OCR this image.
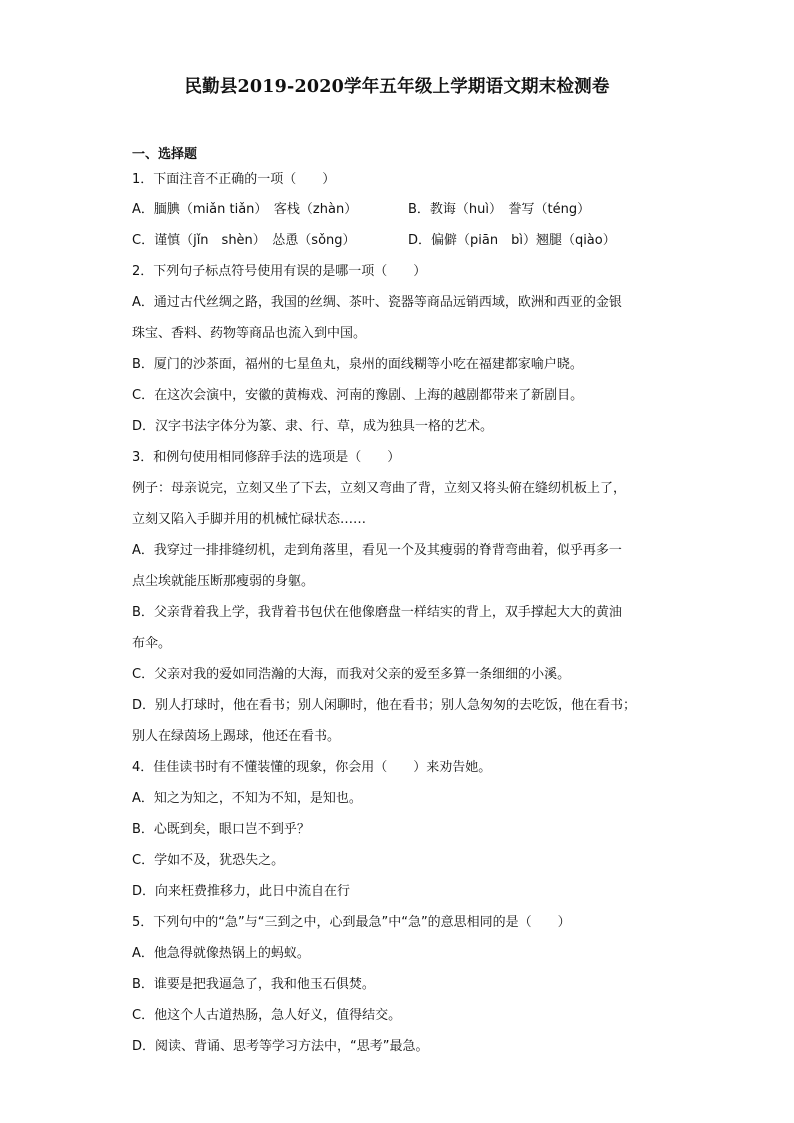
民勤县2019-2020学年五年级上学期语文期末检测卷
一、选择题
1．下面注音不正确的一项（　　）
A．腼腆（miǎn tiǎn）　客栈（zhàn）	B．教诲（huì）　誊写（téng）
C．谨慎（jǐn　shèn）　怂恿（sǒng）	D．偏僻（piān　bì）翘腿（qiào）
2．下列句子标点符号使用有误的是哪一项（　　）
A．通过古代丝绸之路，我国的丝绸、茶叶、瓷器等商品远销西域，欧洲和西亚的金银
珠宝、香料、药物等商品也流入到中国。
B．厦门的沙茶面，福州的七星鱼丸，泉州的面线糊等小吃在福建都家喻户晓。
C．在这次会演中，安徽的黄梅戏、河南的豫剧、上海的越剧都带来了新剧目。
D．汉字书法字体分为篆、隶、行、草，成为独具一格的艺术。
3．和例句使用相同修辞手法的选项是（　　）
例子：母亲说完，立刻又坐了下去，立刻又弯曲了背，立刻又将头俯在缝纫机板上了，
立刻又陷入手脚并用的机械忙碌状态……
A．我穿过一排排缝纫机，走到角落里，看见一个及其瘦弱的脊背弯曲着，似乎再多一
点尘埃就能压断那瘦弱的身躯。
B．父亲背着我上学，我背着书包伏在他像磨盘一样结实的背上，双手撑起大大的黄油
布伞。
C．父亲对我的爱如同浩瀚的大海，而我对父亲的爱至多算一条细细的小溪。
D．别人打球时，他在看书；别人闲聊时，他在看书；别人急匆匆的去吃饭，他在看书；
别人在绿茵场上踢球，他还在看书。
4．佳佳读书时有不懂装懂的现象，你会用（　　）来劝告她。
A．知之为知之，不知为不知，是知也。
B．心既到矣，眼口岂不到乎？
C．学如不及，犹恐失之。
D．向来枉费推移力，此日中流自在行
5．下列句中的“急”与“三到之中，心到最急”中“急”的意思相同的是（　　）
A．他急得就像热锅上的蚂蚁。
B．谁要是把我逼急了，我和他玉石俱焚。
C．他这个人古道热肠，急人好义，值得结交。
D．阅读、背诵、思考等学习方法中，“思考”最急。
